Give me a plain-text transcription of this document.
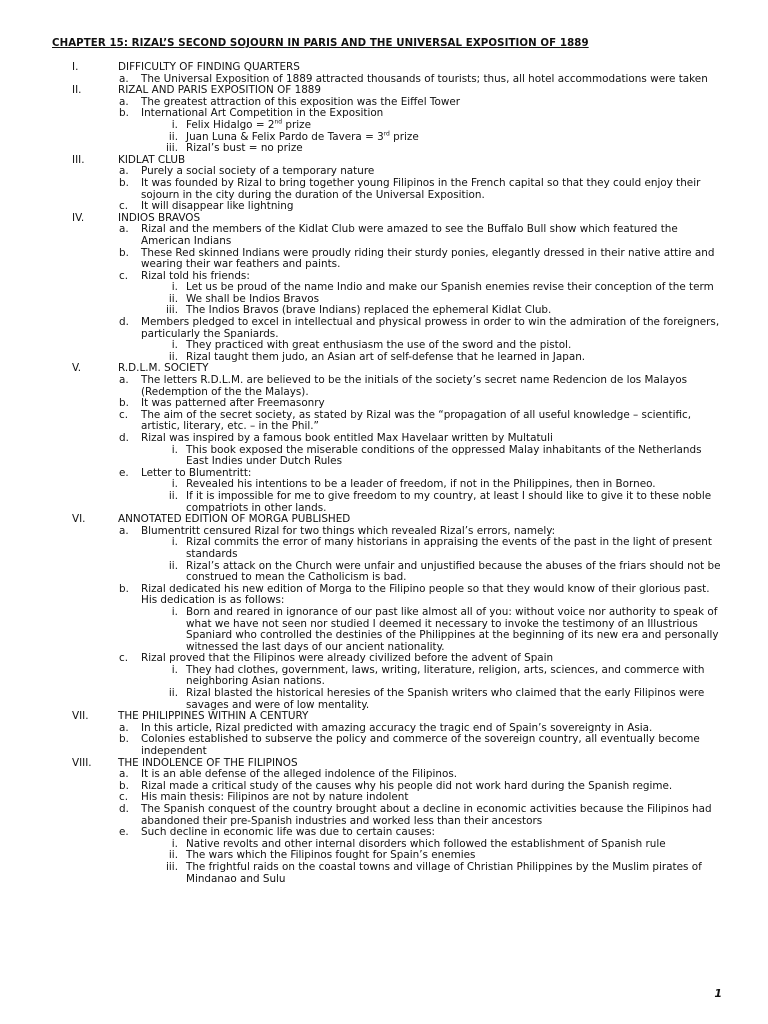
CHAPTER 15: RIZAL’S SECOND SOJOURN IN PARIS AND THE UNIVERSAL EXPOSITION OF 1889
I.	DIFFICULTY OF FINDING QUARTERS
a. The Universal Exposition of 1889 attracted thousands of tourists; thus, all hotel accommodations were taken
II.	RIZAL AND PARIS EXPOSITION OF 1889
a. The greatest attraction of this exposition was the Eiffel Tower
b. International Art Competition in the Exposition
i. Felix Hidalgo = 2nd prize
ii. Juan Luna & Felix Pardo de Tavera = 3rd prize
iii. Rizal’s bust = no prize
III.	KIDLAT CLUB
a. Purely a social society of a temporary nature
b. It was founded by Rizal to bring together young Filipinos in the French capital so that they could enjoy their sojourn in the city during the duration of the Universal Exposition.
c. It will disappear like lightning
IV.	INDIOS BRAVOS
a. Rizal and the members of the Kidlat Club were amazed to see the Buffalo Bull show which featured the American Indians
b. These Red skinned Indians were proudly riding their sturdy ponies, elegantly dressed in their native attire and wearing their war feathers and paints.
c. Rizal told his friends:
i. Let us be proud of the name Indio and make our Spanish enemies revise their conception of the term
ii. We shall be Indios Bravos
iii. The Indios Bravos (brave Indians) replaced the ephemeral Kidlat Club.
d. Members pledged to excel in intellectual and physical prowess in order to win the admiration of the foreigners, particularly the Spaniards.
i. They practiced with great enthusiasm the use of the sword and the pistol.
ii. Rizal taught them judo, an Asian art of self-defense that he learned in Japan.
V.	R.D.L.M. SOCIETY
a. The letters R.D.L.M. are believed to be the initials of the society’s secret name Redencion de los Malayos (Redemption of the the Malays).
b. It was patterned after Freemasonry
c. The aim of the secret society, as stated by Rizal was the “propagation of all useful knowledge – scientific, artistic, literary, etc. – in the Phil.”
d. Rizal was inspired by a famous book entitled Max Havelaar written by Multatuli
i. This book exposed the miserable conditions of the oppressed Malay inhabitants of the Netherlands East Indies under Dutch Rules
e. Letter to Blumentritt:
i. Revealed his intentions to be a leader of freedom, if not in the Philippines, then in Borneo.
ii. If it is impossible for me to give freedom to my country, at least I should like to give it to these noble compatriots in other lands.
VI.	ANNOTATED EDITION OF MORGA PUBLISHED
a. Blumentritt censured Rizal for two things which revealed Rizal’s errors, namely:
i. Rizal commits the error of many historians in appraising the events of the past in the light of present standards
ii. Rizal’s attack on the Church were unfair and unjustified because the abuses of the friars should not be construed to mean the Catholicism is bad.
b. Rizal dedicated his new edition of Morga to the Filipino people so that they would know of their glorious past. His dedication is as follows:
i. Born and reared in ignorance of our past like almost all of you: without voice nor authority to speak of what we have not seen nor studied I deemed it necessary to invoke the testimony of an Illustrious Spaniard who controlled the destinies of the Philippines at the beginning of its new era and personally witnessed the last days of our ancient nationality.
c. Rizal proved that the Filipinos were already civilized before the advent of Spain
i. They had clothes, government, laws, writing, literature, religion, arts, sciences, and commerce with neighboring Asian nations.
ii. Rizal blasted the historical heresies of the Spanish writers who claimed that the early Filipinos were savages and were of low mentality.
VII.	THE PHILIPPINES WITHIN A CENTURY
a. In this article, Rizal predicted with amazing accuracy the tragic end of Spain’s sovereignty in Asia.
b. Colonies established to subserve the policy and commerce of the sovereign country, all eventually become independent
VIII.	THE INDOLENCE OF THE FILIPINOS
a. It is an able defense of the alleged indolence of the Filipinos.
b. Rizal made a critical study of the causes why his people did not work hard during the Spanish regime.
c. His main thesis: Filipinos are not by nature indolent
d. The Spanish conquest of the country brought about a decline in economic activities because the Filipinos had abandoned their pre-Spanish industries and worked less than their ancestors
e. Such decline in economic life was due to certain causes:
i. Native revolts and other internal disorders which followed the establishment of Spanish rule
ii. The wars which the Filipinos fought for Spain’s enemies
iii. The frightful raids on the coastal towns and village of Christian Philippines by the Muslim pirates of Mindanao and Sulu
1
